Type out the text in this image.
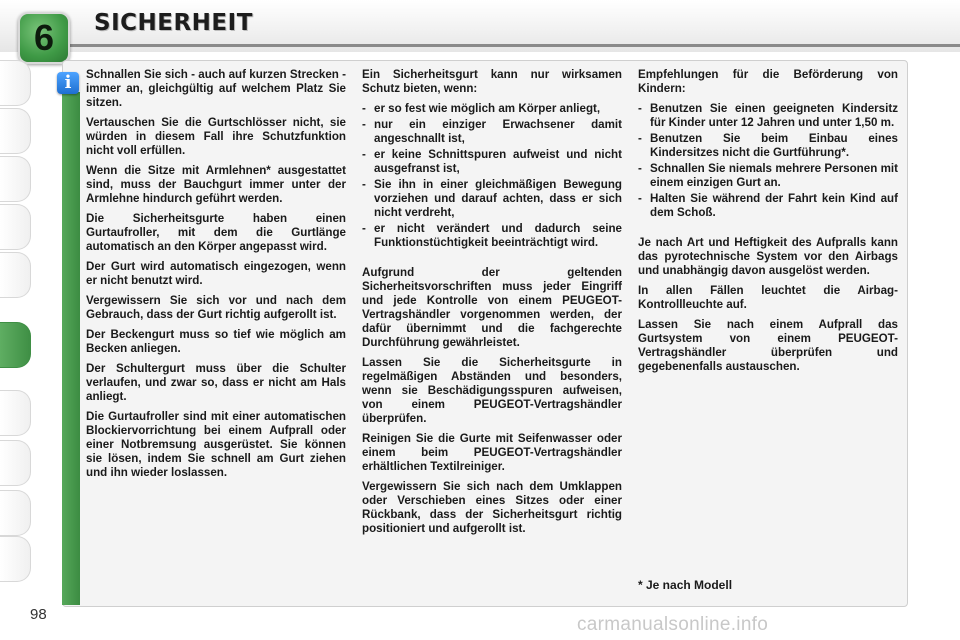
6	SICHERHEIT
i	Schnallen Sie sich - auch auf kurzen Strecken - immer an, gleichgültig auf welchem Platz Sie sitzen.

Vertauschen Sie die Gurtschlösser nicht, sie würden in diesem Fall ihre Schutzfunktion nicht voll erfüllen.

Wenn die Sitze mit Armlehnen* ausgestattet sind, muss der Bauchgurt immer unter der Armlehne hindurch geführt werden.

Die Sicherheitsgurte haben einen Gurtaufroller, mit dem die Gurtlänge automatisch an den Körper angepasst wird.

Der Gurt wird automatisch eingezogen, wenn er nicht benutzt wird.

Vergewissern Sie sich vor und nach dem Gebrauch, dass der Gurt richtig aufgerollt ist.

Der Beckengurt muss so tief wie möglich am Becken anliegen.

Der Schultergurt muss über die Schulter verlaufen, und zwar so, dass er nicht am Hals anliegt.

Die Gurtaufroller sind mit einer automatischen Blockiervorrichtung bei einem Aufprall oder einer Notbremsung ausgerüstet. Sie können sie lösen, indem Sie schnell am Gurt ziehen und ihn wieder loslassen.

Ein Sicherheitsgurt kann nur wirksamen Schutz bieten, wenn:

- er so fest wie möglich am Körper anliegt,
- nur ein einziger Erwachsener damit angeschnallt ist,
- er keine Schnittspuren aufweist und nicht ausgefranst ist,
- Sie ihn in einer gleichmäßigen Bewegung vorziehen und darauf achten, dass er sich nicht verdreht,
- er nicht verändert und dadurch seine Funktionstüchtigkeit beeinträchtigt wird.

Aufgrund der geltenden Sicherheitsvorschriften muss jeder Eingriff und jede Kontrolle von einem PEUGEOT-Vertragshändler vorgenommen werden, der dafür übernimmt und die fachgerechte Durchführung gewährleistet.

Lassen Sie die Sicherheitsgurte in regelmäßigen Abständen und besonders, wenn sie Beschädigungsspuren aufweisen, von einem PEUGEOT-Vertragshändler überprüfen.

Reinigen Sie die Gurte mit Seifenwasser oder einem beim PEUGEOT-Vertragshändler erhältlichen Textilreiniger.

Vergewissern Sie sich nach dem Umklappen oder Verschieben eines Sitzes oder einer Rückbank, dass der Sicherheitsgurt richtig positioniert und aufgerollt ist.

Empfehlungen für die Beförderung von Kindern:

- Benutzen Sie einen geeigneten Kindersitz für Kinder unter 12 Jahren und unter 1,50 m.
- Benutzen Sie beim Einbau eines Kindersitzes nicht die Gurtführung*.
- Schnallen Sie niemals mehrere Personen mit einem einzigen Gurt an.
- Halten Sie während der Fahrt kein Kind auf dem Schoß.

Je nach Art und Heftigkeit des Aufpralls kann das pyrotechnische System vor den Airbags und unabhängig davon ausgelöst werden.

In allen Fällen leuchtet die Airbag-Kontrollleuchte auf.

Lassen Sie nach einem Aufprall das Gurtsystem von einem PEUGEOT-Vertragshändler überprüfen und gegebenenfalls austauschen.

* Je nach Modell
98	carmanualsonline.info
